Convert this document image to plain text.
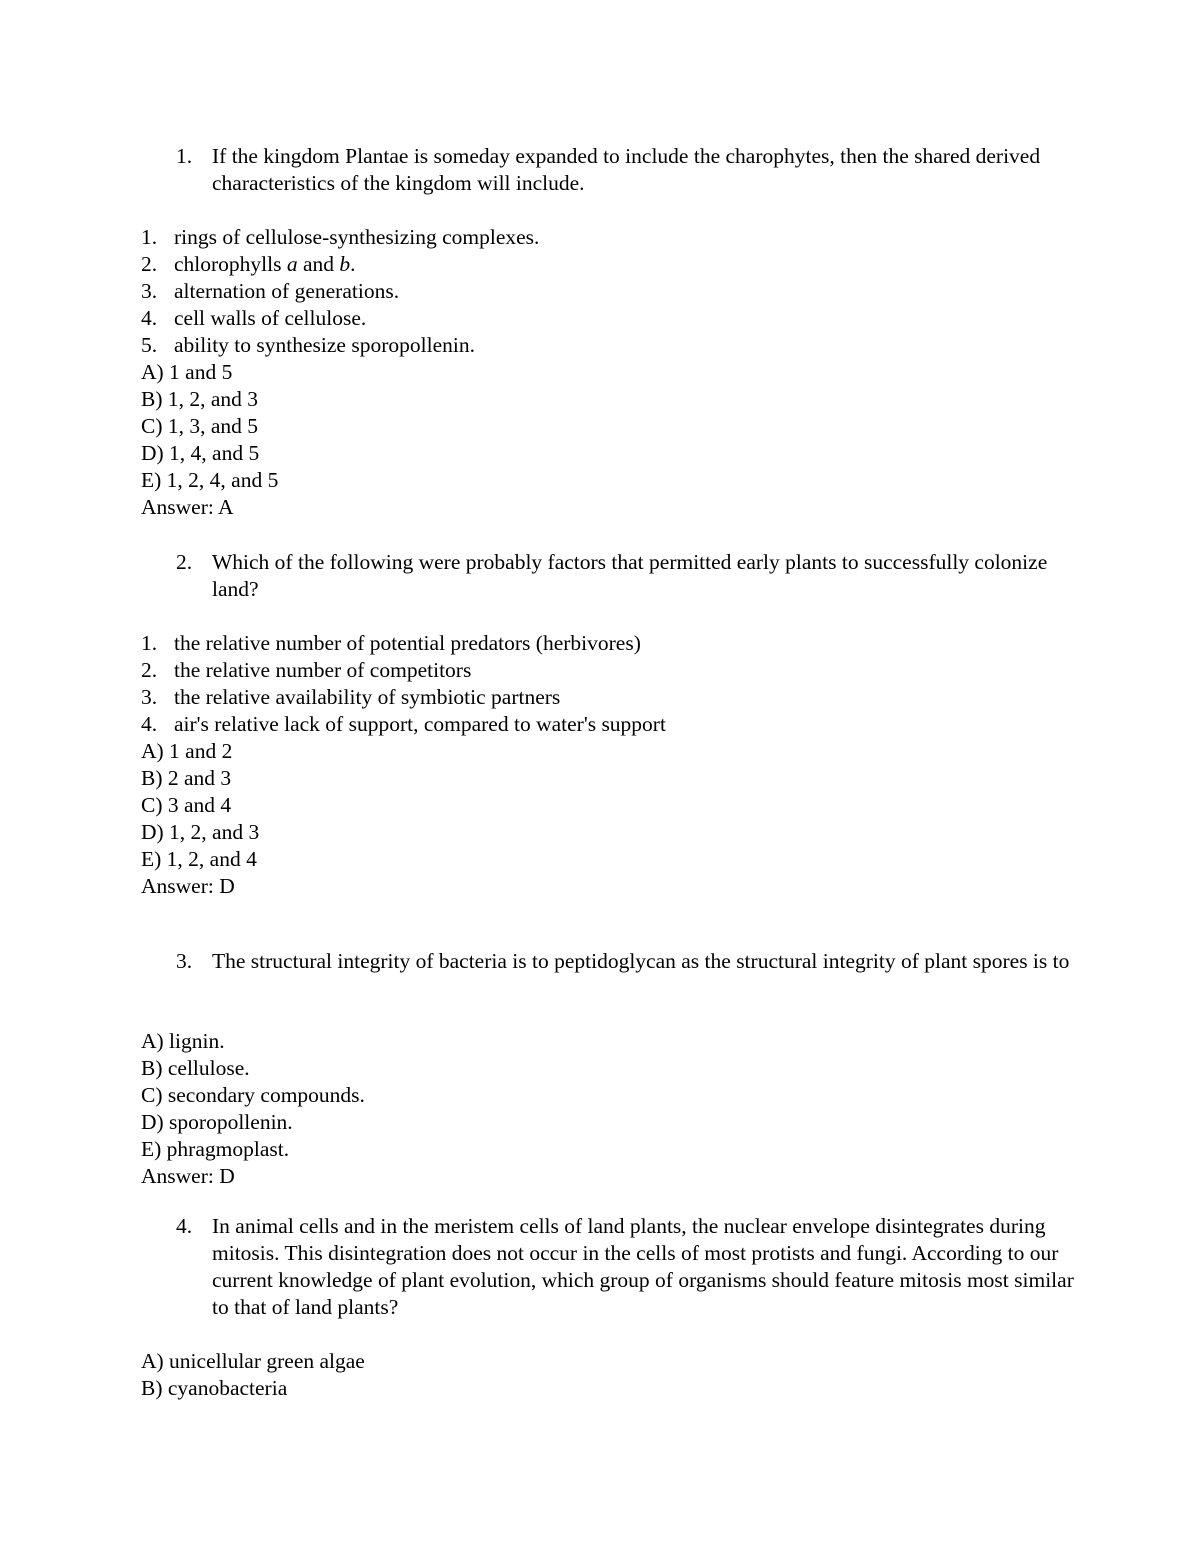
1. If the kingdom Plantae is someday expanded to include the charophytes, then the shared derived characteristics of the kingdom will include.
1. rings of cellulose-synthesizing complexes.
2. chlorophylls a and b.
3. alternation of generations.
4. cell walls of cellulose.
5. ability to synthesize sporopollenin.
A) 1 and 5
B) 1, 2, and 3
C) 1, 3, and 5
D) 1, 4, and 5
E) 1, 2, 4, and 5
Answer: A
2. Which of the following were probably factors that permitted early plants to successfully colonize land?
1. the relative number of potential predators (herbivores)
2. the relative number of competitors
3. the relative availability of symbiotic partners
4. air's relative lack of support, compared to water's support
A) 1 and 2
B) 2 and 3
C) 3 and 4
D) 1, 2, and 3
E) 1, 2, and 4
Answer: D
3. The structural integrity of bacteria is to peptidoglycan as the structural integrity of plant spores is to
A) lignin.
B) cellulose.
C) secondary compounds.
D) sporopollenin.
E) phragmoplast.
Answer: D
4. In animal cells and in the meristem cells of land plants, the nuclear envelope disintegrates during mitosis. This disintegration does not occur in the cells of most protists and fungi. According to our current knowledge of plant evolution, which group of organisms should feature mitosis most similar to that of land plants?
A) unicellular green algae
B) cyanobacteria
